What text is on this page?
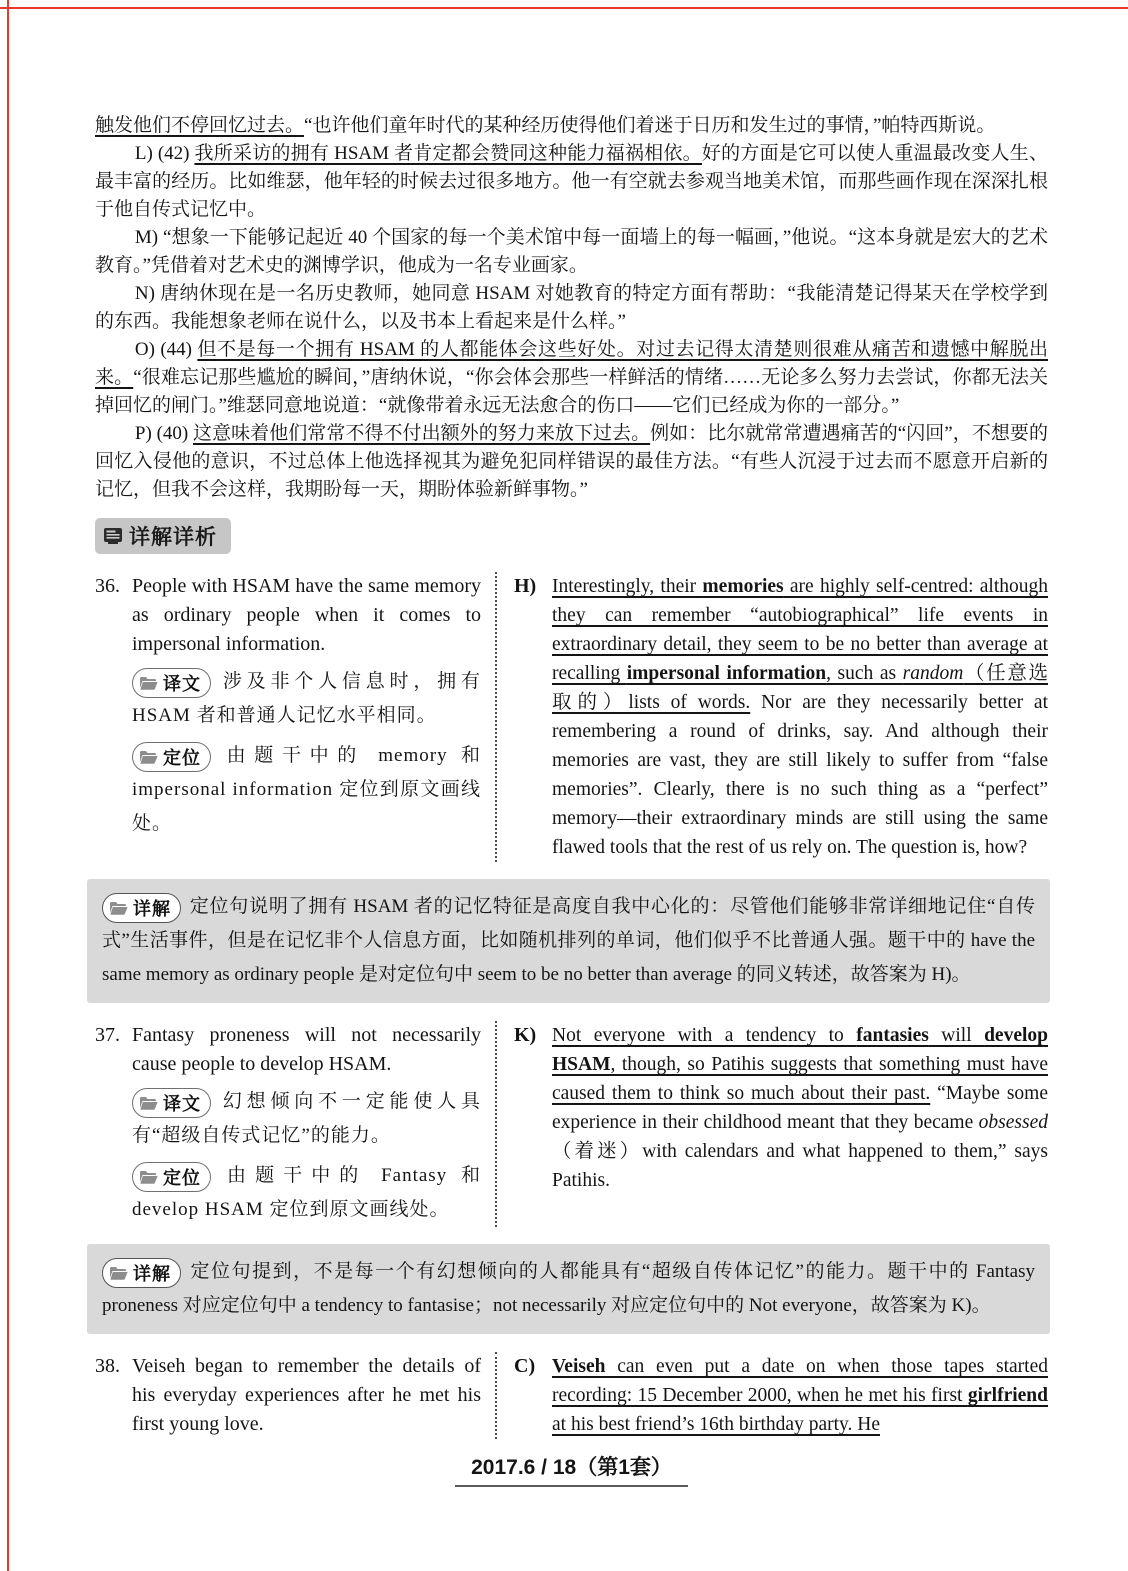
触发他们不停回忆过去。“也许他们童年时代的某种经历使得他们着迷于日历和发生过的事情，”帕特西斯说。

L) (42) 我所采访的拥有 HSAM 者肯定都会赞同这种能力福祸相依。好的方面是它可以使人重温最改变人生、最丰富的经历。比如维瑟，他年轻的时候去过很多地方。他一有空就去参观当地美术馆，而那些画作现在深深扎根于他自传式记忆中。

M) “想象一下能够记起近 40 个国家的每一个美术馆中每一面墙上的每一幅画，”他说。“这本身就是宏大的艺术教育。”凭借着对艺术史的渊博学识，他成为一名专业画家。

N) 唐纳休现在是一名历史教师，她同意 HSAM 对她教育的特定方面有帮助：“我能清楚记得某天在学校学到的东西。我能想象老师在说什么，以及书本上看起来是什么样。”

O) (44) 但不是每一个拥有 HSAM 的人都能体会这些好处。对过去记得太清楚则很难从痛苦和遗憾中解脱出来。“很难忘记那些尴尬的瞬间，”唐纳休说，“你会体会那些一样鲜活的情绪……无论多么努力去尝试，你都无法关掉回忆的闸门。”维瑟同意地说道：“就像带着永远无法愈合的伤口——它们已经成为你的一部分。”

P) (40) 这意味着他们常常不得不付出额外的努力来放下过去。例如：比尔就常常遭遇痛苦的“闪回”，不想要的回忆入侵他的意识，不过总体上他选择视其为避免犯同样错误的最佳方法。“有些人沉浸于过去而不愿意开启新的记忆，但我不会这样，我期盼每一天，期盼体验新鲜事物。”

详解详析
36. People with HSAM have the same memory as ordinary people when it comes to impersonal information.

译文 涉及非个人信息时，拥有 HSAM 者和普通人记忆水平相同。

定位 由题干中的 memory 和 impersonal information 定位到原文画线处。

H) Interestingly, their memories are highly self-centred: although they can remember “autobiographical” life events in extraordinary detail, they seem to be no better than average at recalling impersonal information, such as random（任意选取的）lists of words. Nor are they necessarily better at remembering a round of drinks, say. And although their memories are vast, they are still likely to suffer from “false memories”. Clearly, there is no such thing as a “perfect” memory—their extraordinary minds are still using the same flawed tools that the rest of us rely on. The question is, how?

详解 定位句说明了拥有 HSAM 者的记忆特征是高度自我中心化的：尽管他们能够非常详细地记住“自传式”生活事件，但是在记忆非个人信息方面，比如随机排列的单词，他们似乎不比普通人强。题干中的 have the same memory as ordinary people 是对定位句中 seem to be no better than average 的同义转述，故答案为 H)。
37. Fantasy proneness will not necessarily cause people to develop HSAM.

译文 幻想倾向不一定能使人具有“超级自传式记忆”的能力。

定位 由题干中的 Fantasy 和 develop HSAM 定位到原文画线处。

K) Not everyone with a tendency to fantasies will develop HSAM, though, so Patihis suggests that something must have caused them to think so much about their past. “Maybe some experience in their childhood meant that they became obsessed（着迷）with calendars and what happened to them,” says Patihis.

详解 定位句提到，不是每一个有幻想倾向的人都能具有“超级自传体记忆”的能力。题干中的 Fantasy proneness 对应定位句中 a tendency to fantasise；not necessarily 对应定位句中的 Not everyone，故答案为 K)。
38. Veiseh began to remember the details of his everyday experiences after he met his first young love.

C) Veiseh can even put a date on when those tapes started recording: 15 December 2000, when he met his first girlfriend at his best friend’s 16th birthday party. He

2017.6 / 18（第1套）
